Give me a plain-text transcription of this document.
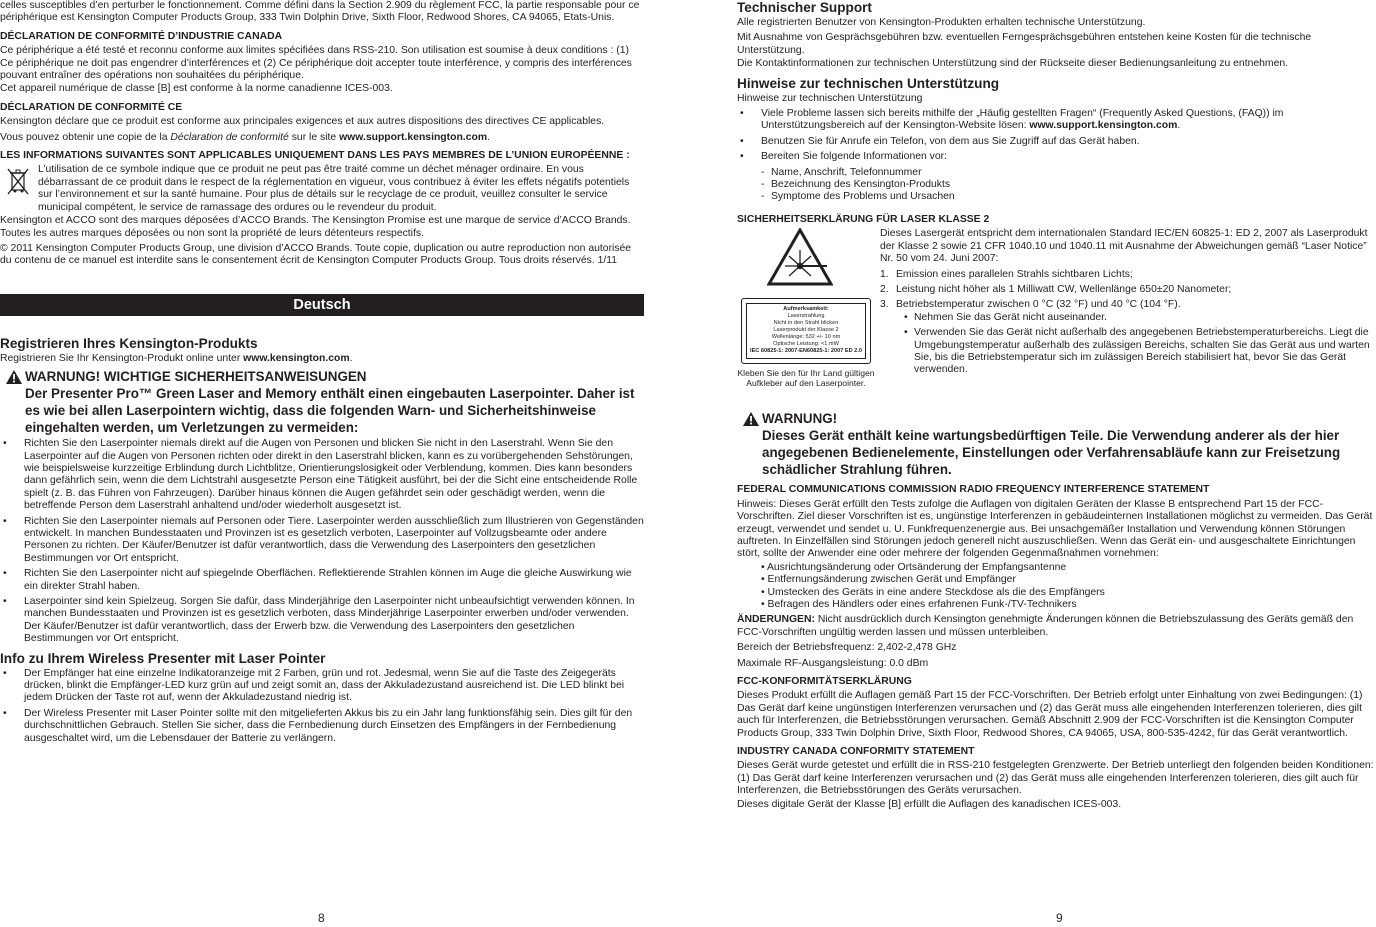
celles susceptibles d’en perturber le fonctionnement. Comme défini dans la Section 2.909 du règlement FCC, la partie responsable pour ce périphérique est Kensington Computer Products Group, 333 Twin Dolphin Drive, Sixth Floor, Redwood Shores, CA 94065, Etats-Unis.

DÉCLARATION DE CONFORMITÉ D’INDUSTRIE CANADA

Ce périphérique a été testé et reconnu conforme aux limites spécifiées dans RSS-210. Son utilisation est soumise à deux conditions : (1) Ce périphérique ne doit pas engendrer d’interférences et (2) Ce périphérique doit accepter toute interférence, y compris des interférences pouvant entraîner des opérations non souhaitées du périphérique.

Cet appareil numérique de classe [B] est conforme à la norme canadienne ICES-003.

DÉCLARATION DE CONFORMITÉ CE

Kensington déclare que ce produit est conforme aux principales exigences et aux autres dispositions des directives CE applicables.

Vous pouvez obtenir une copie de la Déclaration de conformité sur le site www.support.kensington.com.

LES INFORMATIONS SUIVANTES SONT APPLICABLES UNIQUEMENT DANS LES PAYS MEMBRES DE L’UNION EUROPÉENNE :

L’utilisation de ce symbole indique que ce produit ne peut pas être traité comme un déchet ménager ordinaire. En vous débarrassant de ce produit dans le respect de la réglementation en vigueur, vous contribuez à éviter les effets négatifs potentiels sur l’environnement et sur la santé humaine. Pour plus de détails sur le recyclage de ce produit, veuillez consulter le service municipal compétent, le service de ramassage des ordures ou le revendeur du produit.

Kensington et ACCO sont des marques déposées d’ACCO Brands. The Kensington Promise est une marque de service d’ACCO Brands. Toutes les autres marques déposées ou non sont la propriété de leurs détenteurs respectifs.

© 2011 Kensington Computer Products Group, une division d’ACCO Brands. Toute copie, duplication ou autre reproduction non autorisée du contenu de ce manuel est interdite sans le consentement écrit de Kensington Computer Products Group. Tous droits réservés. 1/11

Deutsch
Registrieren Ihres Kensington-Produkts

Registrieren Sie Ihr Kensington-Produkt online unter www.kensington.com.

WARNUNG! WICHTIGE SICHERHEITSANWEISUNGEN
Der Presenter Pro™ Green Laser and Memory enthält einen eingebauten Laserpointer. Daher ist es wie bei allen Laserpointern wichtig, dass die folgenden Warn- und Sicherheitshinweise eingehalten werden, um Verletzungen zu vermeiden:
• Richten Sie den Laserpointer niemals direkt auf die Augen von Personen und blicken Sie nicht in den Laserstrahl. Wenn Sie den Laserpointer auf die Augen von Personen richten oder direkt in den Laserstrahl blicken, kann es zu vorübergehenden Sehstörungen, wie beispielsweise kurzzeitige Erblindung durch Lichtblitze, Orientierungslosigkeit oder Verblendung, kommen. Dies kann besonders dann gefährlich sein, wenn die dem Lichtstrahl ausgesetzte Person eine Tätigkeit ausführt, bei der die Sicht eine entscheidende Rolle spielt (z. B. das Führen von Fahrzeugen). Darüber hinaus können die Augen gefährdet sein oder geschädigt werden, wenn die betreffende Person dem Laserstrahl anhaltend und/oder wiederholt ausgesetzt ist.
• Richten Sie den Laserpointer niemals auf Personen oder Tiere. Laserpointer werden ausschließlich zum Illustrieren von Gegenständen entwickelt. In manchen Bundesstaaten und Provinzen ist es gesetzlich verboten, Laserpointer auf Vollzugsbeamte oder andere Personen zu richten. Der Käufer/Benutzer ist dafür verantwortlich, dass die Verwendung des Laserpointers den gesetzlichen Bestimmungen vor Ort entspricht.
• Richten Sie den Laserpointer nicht auf spiegelnde Oberflächen. Reflektierende Strahlen können im Auge die gleiche Auswirkung wie ein direkter Strahl haben.
• Laserpointer sind kein Spielzeug. Sorgen Sie dafür, dass Minderjährige den Laserpointer nicht unbeaufsichtigt verwenden können. In manchen Bundesstaaten und Provinzen ist es gesetzlich verboten, dass Minderjährige Laserpointer erwerben und/oder verwenden. Der Käufer/Benutzer ist dafür verantwortlich, dass der Erwerb bzw. die Verwendung des Laserpointers den gesetzlichen Bestimmungen vor Ort entspricht.
Info zu Ihrem Wireless Presenter mit Laser Pointer
• Der Empfänger hat eine einzelne Indikatoranzeige mit 2 Farben, grün und rot. Jedesmal, wenn Sie auf die Taste des Zeigegeräts drücken, blinkt die Empfänger-LED kurz grün auf und zeigt somit an, dass der Akkuladezustand ausreichend ist. Die LED blinkt bei jedem Drücken der Taste rot auf, wenn der Akkuladezustand niedrig ist.
• Der Wireless Presenter mit Laser Pointer sollte mit den mitgelieferten Akkus bis zu ein Jahr lang funktionsfähig sein. Dies gilt für den durchschnittlichen Gebrauch. Stellen Sie sicher, dass die Fernbedienung durch Einsetzen des Empfängers in der Fernbedienung ausgeschaltet wird, um die Lebensdauer der Batterie zu verlängern.
8
Technischer Support

Alle registrierten Benutzer von Kensington-Produkten erhalten technische Unterstützung.

Mit Ausnahme von Gesprächsgebühren bzw. eventuellen Ferngesprächsgebühren entstehen keine Kosten für die technische Unterstützung.

Die Kontaktinformationen zur technischen Unterstützung sind der Rückseite dieser Bedienungsanleitung zu entnehmen.

Hinweise zur technischen Unterstützung

Hinweise zur technischen Unterstützung

• Viele Probleme lassen sich bereits mithilfe der „Häufig gestellten Fragen“ (Frequently Asked Questions, (FAQ)) im Unterstützungsbereich auf der Kensington-Website lösen: www.support.kensington.com.
• Benutzen Sie für Anrufe ein Telefon, von dem aus Sie Zugriff auf das Gerät haben.
• Bereiten Sie folgende Informationen vor:
- Name, Anschrift, Telefonnummer
- Bezeichnung des Kensington-Produkts
- Symptome des Problems und Ursachen
SICHERHEITSERKLÄRUNG FÜR LASER KLASSE 2
Aufmerksamkeit:
Laserstrahlung
Nicht in den Strahl blicken
Laserprodukt der Klasse 2
Wellenlänge: 532 +/- 10 nm
Optische Leistung: <1 mW
IEC 60825-1: 2007-EN60825-1: 2007 ED 2.0
Kleben Sie den für Ihr Land gültigen Aufkleber auf den Laserpointer.

Dieses Lasergerät entspricht dem internationalen Standard IEC/EN 60825-1: ED 2, 2007 als Laserprodukt der Klasse 2 sowie 21 CFR 1040.10 und 1040.11 mit Ausnahme der Abweichungen gemäß “Laser Notice” Nr. 50 vom 24. Juni 2007:

1. Emission eines parallelen Strahls sichtbaren Lichts;
2. Leistung nicht höher als 1 Milliwatt CW, Wellenlänge 650±20 Nanometer;
3. Betriebstemperatur zwischen 0 °C (32 °F) und 40 °C (104 °F).
• Nehmen Sie das Gerät nicht auseinander.
• Verwenden Sie das Gerät nicht außerhalb des angegebenen Betriebstemperaturbereichs. Liegt die Umgebungstemperatur außerhalb des zulässigen Bereichs, schalten Sie das Gerät aus und warten Sie, bis die Betriebstemperatur sich im zulässigen Bereich stabilisiert hat, bevor Sie das Gerät verwenden.
WARNUNG!
Dieses Gerät enthält keine wartungsbedürftigen Teile. Die Verwendung anderer als der hier angegebenen Bedienelemente, Einstellungen oder Verfahrensabläufe kann zur Freisetzung schädlicher Strahlung führen.
FEDERAL COMMUNICATIONS COMMISSION RADIO FREQUENCY INTERFERENCE STATEMENT

Hinweis: Dieses Gerät erfüllt den Tests zufolge die Auflagen von digitalen Geräten der Klasse B entsprechend Part 15 der FCC-Vorschriften. Ziel dieser Vorschriften ist es, ungünstige Interferenzen in gebäudeinternen Installationen möglichst zu vermeiden. Das Gerät erzeugt, verwendet und sendet u. U. Funkfrequenzenergie aus. Bei unsachgemäßer Installation und Verwendung können Störungen auftreten. In Einzelfällen sind Störungen jedoch generell nicht auszuschließen. Wenn das Gerät ein- und ausgeschaltete Einrichtungen stört, sollte der Anwender eine oder mehrere der folgenden Gegenmaßnahmen vornehmen:

• Ausrichtungsänderung oder Ortsänderung der Empfangsantenne
• Entfernungsänderung zwischen Gerät und Empfänger
• Umstecken des Geräts in eine andere Steckdose als die des Empfängers
• Befragen des Händlers oder eines erfahrenen Funk-/TV-Technikers

ÄNDERUNGEN: Nicht ausdrücklich durch Kensington genehmigte Änderungen können die Betriebszulassung des Geräts gemäß den FCC-Vorschriften ungültig werden lassen und müssen unterbleiben.

Bereich der Betriebsfrequenz: 2,402-2,478 GHz

Maximale RF-Ausgangsleistung: 0.0 dBm

FCC-KONFORMITÄTSERKLÄRUNG

Dieses Produkt erfüllt die Auflagen gemäß Part 15 der FCC-Vorschriften. Der Betrieb erfolgt unter Einhaltung von zwei Bedingungen: (1) Das Gerät darf keine ungünstigen Interferenzen verursachen und (2) das Gerät muss alle eingehenden Interferenzen tolerieren, dies gilt auch für Interferenzen, die Betriebsstörungen verursachen. Gemäß Abschnitt 2.909 der FCC-Vorschriften ist die Kensington Computer Products Group, 333 Twin Dolphin Drive, Sixth Floor, Redwood Shores, CA 94065, USA, 800-535-4242, für das Gerät verantwortlich.

INDUSTRY CANADA CONFORMITY STATEMENT

Dieses Gerät wurde getestet und erfüllt die in RSS-210 festgelegten Grenzwerte. Der Betrieb unterliegt den folgenden beiden Konditionen: (1) Das Gerät darf keine Interferenzen verursachen und (2) das Gerät muss alle eingehenden Interferenzen tolerieren, dies gilt auch für Interferenzen, die Betriebsstörungen des Geräts verursachen.

Dieses digitale Gerät der Klasse [B] erfüllt die Auflagen des kanadischen ICES-003.

9
